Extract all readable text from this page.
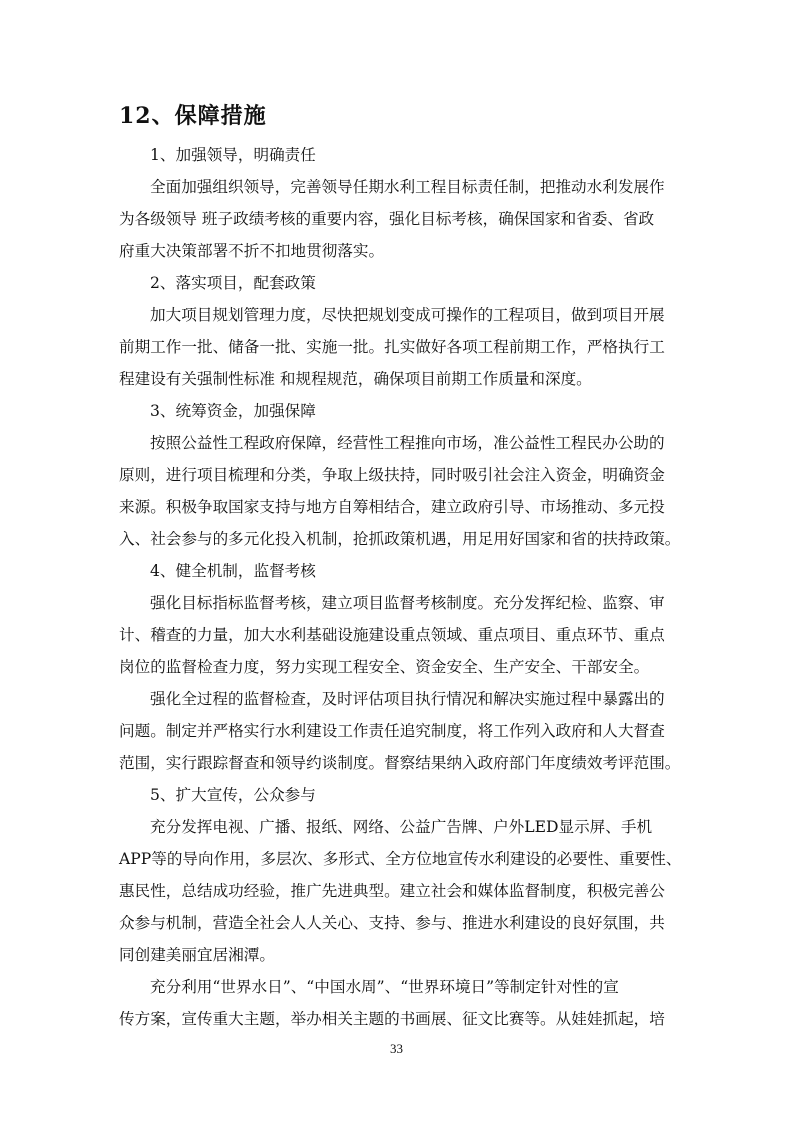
12、保障措施
1、加强领导，明确责任
全面加强组织领导，完善领导任期水利工程目标责任制，把推动水利发展作
为各级领导 班子政绩考核的重要内容，强化目标考核，确保国家和省委、省政
府重大决策部署不折不扣地贯彻落实。
2、落实项目，配套政策
加大项目规划管理力度，尽快把规划变成可操作的工程项目，做到项目开展
前期工作一批、储备一批、实施一批。扎实做好各项工程前期工作，严格执行工
程建设有关强制性标准 和规程规范，确保项目前期工作质量和深度。
3、统筹资金，加强保障
按照公益性工程政府保障，经营性工程推向市场，准公益性工程民办公助的
原则，进行项目梳理和分类，争取上级扶持，同时吸引社会注入资金，明确资金
来源。积极争取国家支持与地方自筹相结合，建立政府引导、市场推动、多元投
入、社会参与的多元化投入机制，抢抓政策机遇，用足用好国家和省的扶持政策。
4、健全机制，监督考核
强化目标指标监督考核，建立项目监督考核制度。充分发挥纪检、监察、审
计、稽查的力量，加大水利基础设施建设重点领域、重点项目、重点环节、重点
岗位的监督检查力度，努力实现工程安全、资金安全、生产安全、干部安全。
强化全过程的监督检查，及时评估项目执行情况和解决实施过程中暴露出的
问题。制定并严格实行水利建设工作责任追究制度，将工作列入政府和人大督查
范围，实行跟踪督查和领导约谈制度。督察结果纳入政府部门年度绩效考评范围。
5、扩大宣传，公众参与
充分发挥电视、广播、报纸、网络、公益广告牌、户外LED显示屏、手机
APP等的导向作用，多层次、多形式、全方位地宣传水利建设的必要性、重要性、
惠民性，总结成功经验，推广先进典型。建立社会和媒体监督制度，积极完善公
众参与机制，营造全社会人人关心、支持、参与、推进水利建设的良好氛围，共
同创建美丽宜居湘潭。
充分利用“世界水日”、“中国水周”、“世界环境日”等制定针对性的宣
传方案，宣传重大主题，举办相关主题的书画展、征文比赛等。从娃娃抓起，培
33
